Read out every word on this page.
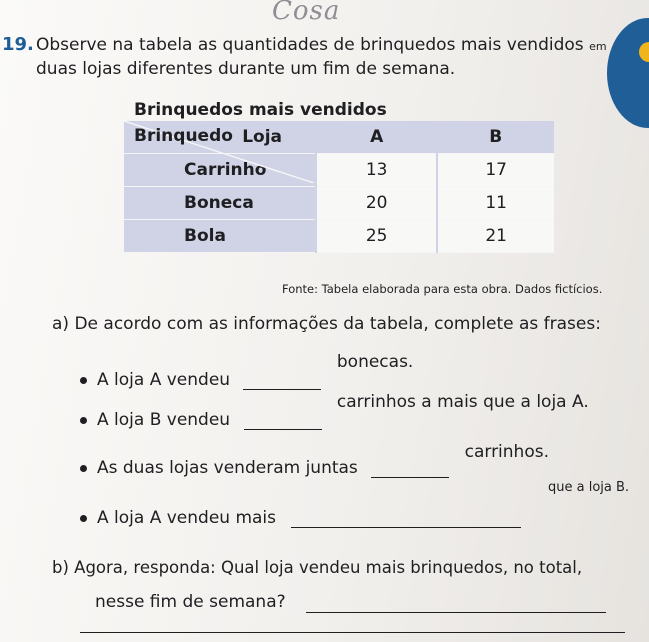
Cosa
19. Observe na tabela as quantidades de brinquedos mais vendidos em
duas lojas diferentes durante um fim de semana.
Brinquedos mais vendidos
Loja
Brinquedo	A	B
Carrinho	13	17
Boneca	20	11
Bola	25	21
Fonte: Tabela elaborada para esta obra. Dados fictícios.
a) De acordo com as informações da tabela, complete as frases:
A loja A vendeu  bonecas.
A loja B vendeu  carrinhos a mais que a loja A.
As duas lojas venderam juntas  carrinhos.
A loja A vendeu mais
que a loja B.
b) Agora, responda: Qual loja vendeu mais brinquedos, no total,
nesse fim de semana?
